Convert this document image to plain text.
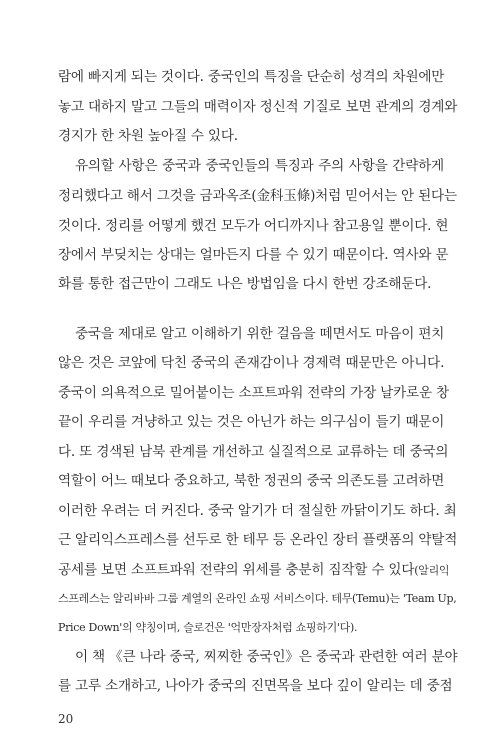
람에 빠지게 되는 것이다. 중국인의 특징을 단순히 성격의 차원에만
놓고 대하지 말고 그들의 매력이자 정신적 기질로 보면 관계의 경계와
경지가 한 차원 높아질 수 있다.
유의할 사항은 중국과 중국인들의 특징과 주의 사항을 간략하게
정리했다고 해서 그것을 금과옥조(金科玉條)처럼 믿어서는 안 된다는
것이다. 정리를 어떻게 했건 모두가 어디까지나 참고용일 뿐이다. 현
장에서 부딪치는 상대는 얼마든지 다를 수 있기 때문이다. 역사와 문
화를 통한 접근만이 그래도 나은 방법임을 다시 한번 강조해둔다.
중국을 제대로 알고 이해하기 위한 걸음을 떼면서도 마음이 편치
않은 것은 코앞에 닥친 중국의 존재감이나 경제력 때문만은 아니다.
중국이 의욕적으로 밀어붙이는 소프트파워 전략의 가장 날카로운 창
끝이 우리를 겨냥하고 있는 것은 아닌가 하는 의구심이 들기 때문이
다. 또 경색된 남북 관계를 개선하고 실질적으로 교류하는 데 중국의
역할이 어느 때보다 중요하고, 북한 정권의 중국 의존도를 고려하면
이러한 우려는 더 커진다. 중국 알기가 더 절실한 까닭이기도 하다. 최
근 알리익스프레스를 선두로 한 테무 등 온라인 장터 플랫폼의 약탈적
공세를 보면 소프트파워 전략의 위세를 충분히 짐작할 수 있다(알리익
스프레스는 알리바바 그룹 계열의 온라인 쇼핑 서비스이다. 테무(Temu)는 'Team Up,
Price Down'의 약칭이며, 슬로건은 '억만장자처럼 쇼핑하기'다).
이 책 《큰 나라 중국, 찌찌한 중국인》은 중국과 관련한 여러 분야
를 고루 소개하고, 나아가 중국의 진면목을 보다 깊이 알리는 데 중점
20
